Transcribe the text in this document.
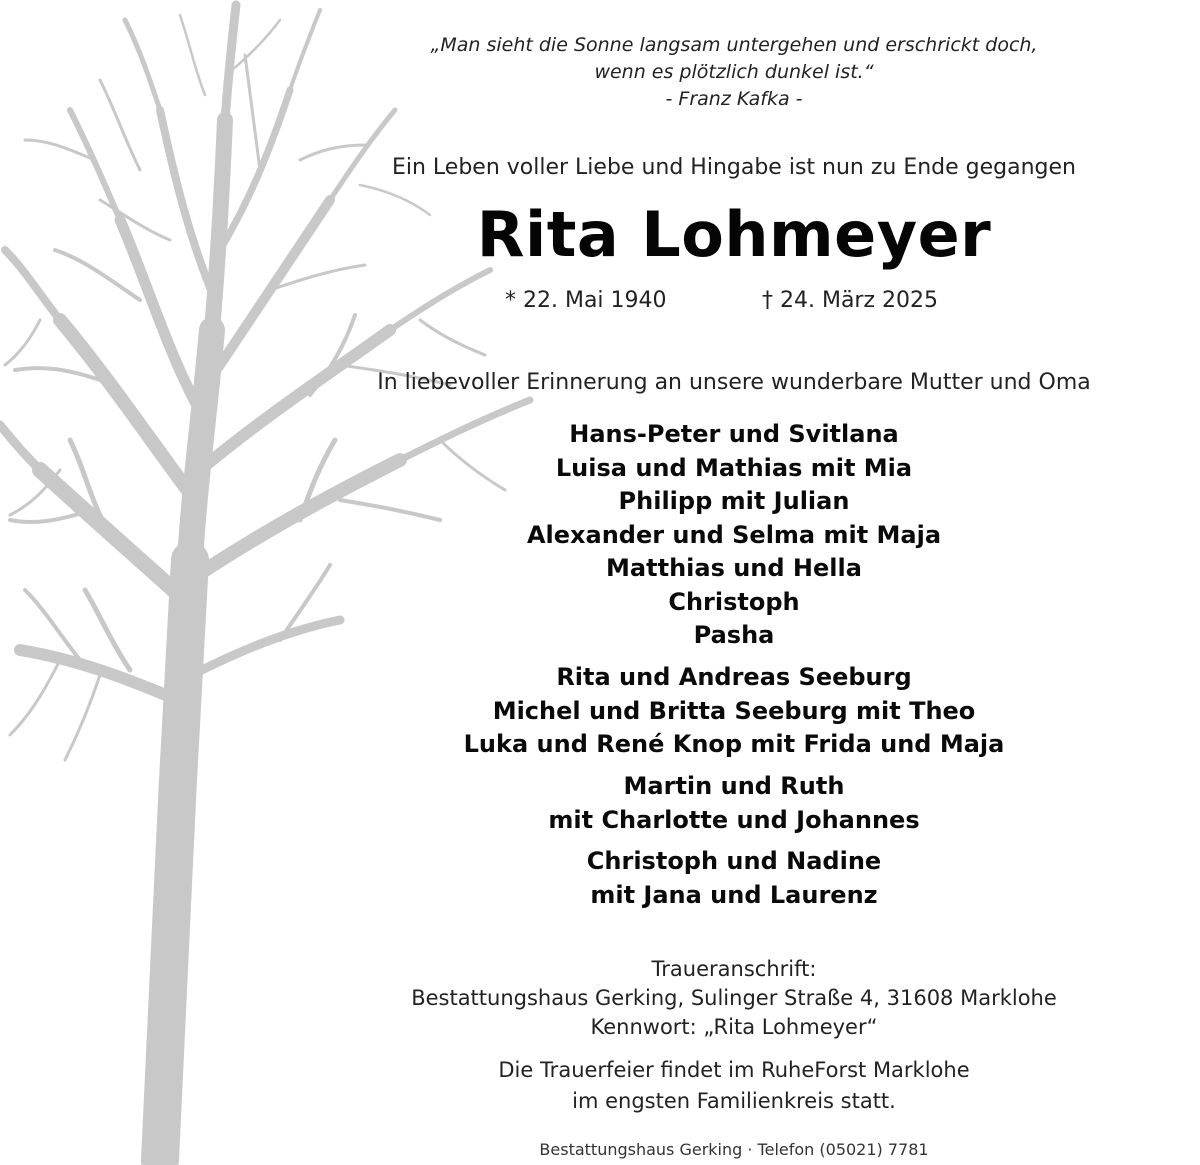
„Man sieht die Sonne langsam untergehen und erschrickt doch,
wenn es plötzlich dunkel ist.“
- Franz Kafka -
Ein Leben voller Liebe und Hingabe ist nun zu Ende gegangen
Rita Lohmeyer
* 22. Mai 1940	† 24. März 2025
In liebevoller Erinnerung an unsere wunderbare Mutter und Oma
Hans-Peter und Svitlana
Luisa und Mathias mit Mia
Philipp mit Julian
Alexander und Selma mit Maja
Matthias und Hella
Christoph
Pasha
Rita und Andreas Seeburg
Michel und Britta Seeburg mit Theo
Luka und René Knop mit Frida und Maja
Martin und Ruth
mit Charlotte und Johannes
Christoph und Nadine
mit Jana und Laurenz
Traueranschrift:
Bestattungshaus Gerking, Sulinger Straße 4, 31608 Marklohe
Kennwort: „Rita Lohmeyer“
Die Trauerfeier findet im RuheForst Marklohe
im engsten Familienkreis statt.
Bestattungshaus Gerking · Telefon (05021) 7781
